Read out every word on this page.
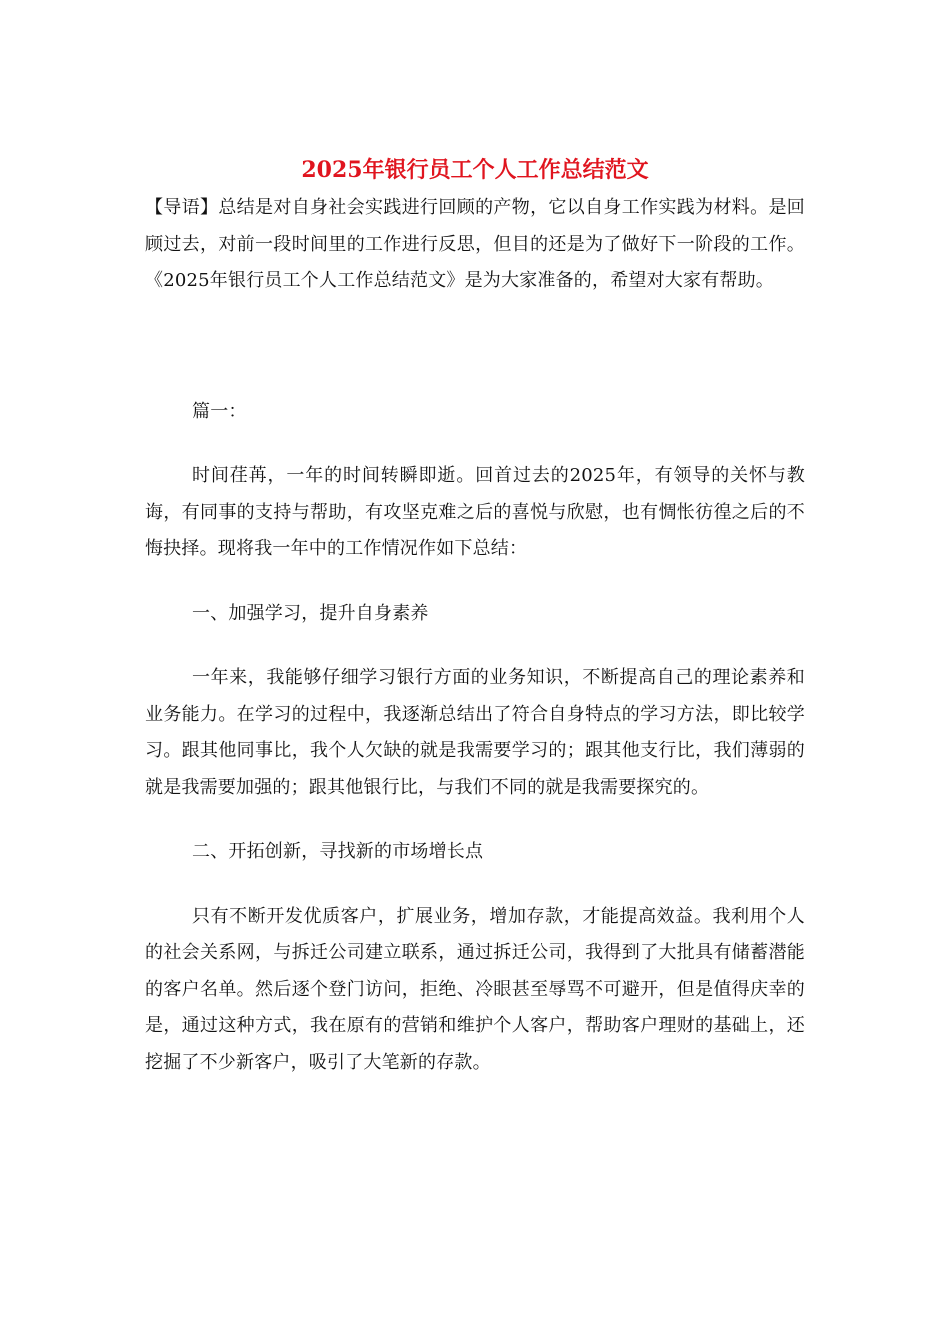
2025年银行员工个人工作总结范文

【导语】总结是对自身社会实践进行回顾的产物，它以自身工作实践为材料。是回顾过去，对前一段时间里的工作进行反思，但目的还是为了做好下一阶段的工作。《2025年银行员工个人工作总结范文》是为大家准备的，希望对大家有帮助。

篇一：

时间荏苒，一年的时间转瞬即逝。回首过去的2025年，有领导的关怀与教诲，有同事的支持与帮助，有攻坚克难之后的喜悦与欣慰，也有惆怅彷徨之后的不悔抉择。现将我一年中的工作情况作如下总结：

一、加强学习，提升自身素养

一年来，我能够仔细学习银行方面的业务知识，不断提高自己的理论素养和业务能力。在学习的过程中，我逐渐总结出了符合自身特点的学习方法，即比较学习。跟其他同事比，我个人欠缺的就是我需要学习的；跟其他支行比，我们薄弱的就是我需要加强的；跟其他银行比，与我们不同的就是我需要探究的。

二、开拓创新，寻找新的市场增长点

只有不断开发优质客户，扩展业务，增加存款，才能提高效益。我利用个人的社会关系网，与拆迁公司建立联系，通过拆迁公司，我得到了大批具有储蓄潜能的客户名单。然后逐个登门访问，拒绝、冷眼甚至辱骂不可避开，但是值得庆幸的是，通过这种方式，我在原有的营销和维护个人客户，帮助客户理财的基础上，还挖掘了不少新客户，吸引了大笔新的存款。
